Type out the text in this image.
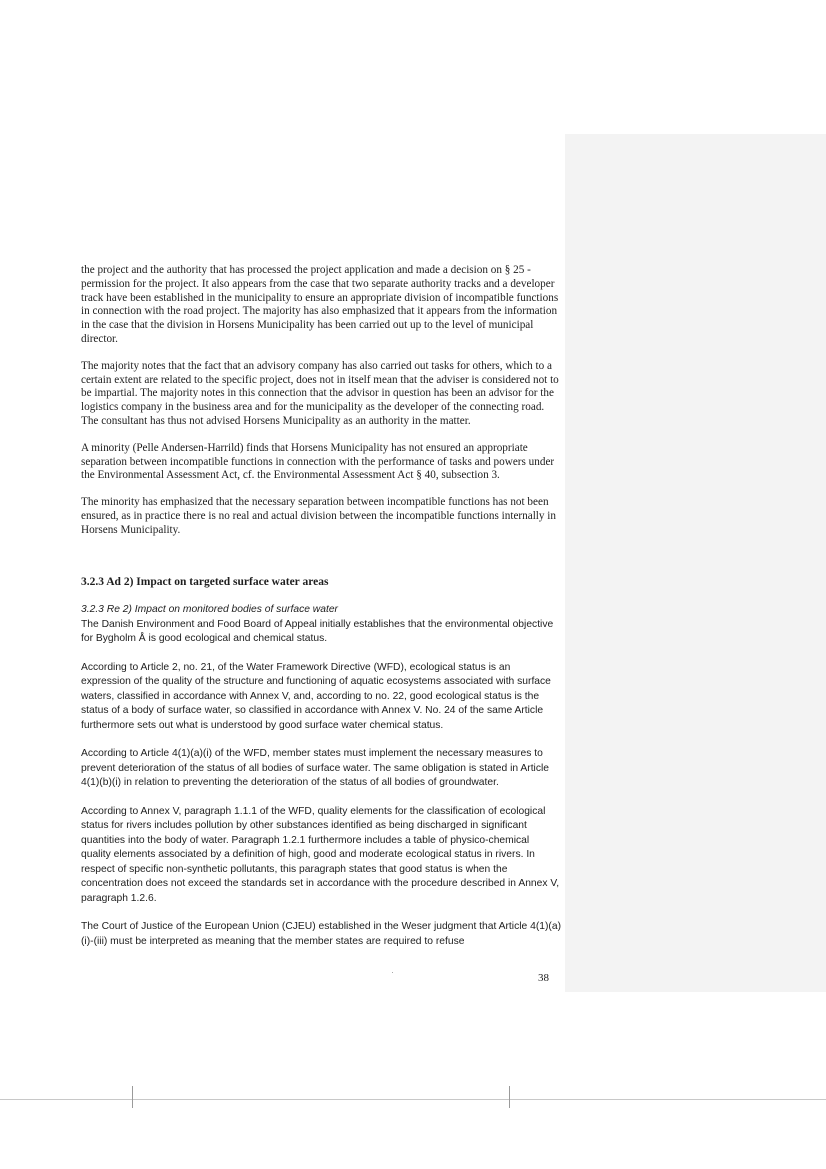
the project and the authority that has processed the project application and made a decision on § 25 - permission for the project. It also appears from the case that two separate authority tracks and a developer track have been established in the municipality to ensure an appropriate division of incompatible functions in connection with the road project. The majority has also emphasized that it appears from the information in the case that the division in Horsens Municipality has been carried out up to the level of municipal director.

The majority notes that the fact that an advisory company has also carried out tasks for others, which to a certain extent are related to the specific project, does not in itself mean that the adviser is considered not to be impartial. The majority notes in this connection that the advisor in question has been an advisor for the logistics company in the business area and for the municipality as the developer of the connecting road. The consultant has thus not advised Horsens Municipality as an authority in the matter.

A minority (Pelle Andersen-Harrild) finds that Horsens Municipality has not ensured an appropriate separation between incompatible functions in connection with the performance of tasks and powers under the Environmental Assessment Act, cf. the Environmental Assessment Act § 40, subsection 3.

The minority has emphasized that the necessary separation between incompatible functions has not been ensured, as in practice there is no real and actual division between the incompatible functions internally in Horsens Municipality.

3.2.3 Ad 2) Impact on targeted surface water areas

3.2.3 Re 2) Impact on monitored bodies of surface water

The Danish Environment and Food Board of Appeal initially establishes that the environmental objective for Bygholm Å is good ecological and chemical status.

According to Article 2, no. 21, of the Water Framework Directive (WFD), ecological status is an expression of the quality of the structure and functioning of aquatic ecosystems associated with surface waters, classified in accordance with Annex V, and, according to no. 22, good ecological status is the status of a body of surface water, so classified in accordance with Annex V. No. 24 of the same Article furthermore sets out what is understood by good surface water chemical status.

According to Article 4(1)(a)(i) of the WFD, member states must implement the necessary measures to prevent deterioration of the status of all bodies of surface water. The same obligation is stated in Article 4(1)(b)(i) in relation to preventing the deterioration of the status of all bodies of groundwater.

According to Annex V, paragraph 1.1.1 of the WFD, quality elements for the classification of ecological status for rivers includes pollution by other substances identified as being discharged in significant quantities into the body of water. Paragraph 1.2.1 furthermore includes a table of physico-chemical quality elements associated by a definition of high, good and moderate ecological status in rivers. In respect of specific non-synthetic pollutants, this paragraph states that good status is when the concentration does not exceed the standards set in accordance with the procedure described in Annex V, paragraph 1.2.6.

The Court of Justice of the European Union (CJEU) established in the Weser judgment that Article 4(1)(a)(i)-(iii) must be interpreted as meaning that the member states are required to refuse

38
